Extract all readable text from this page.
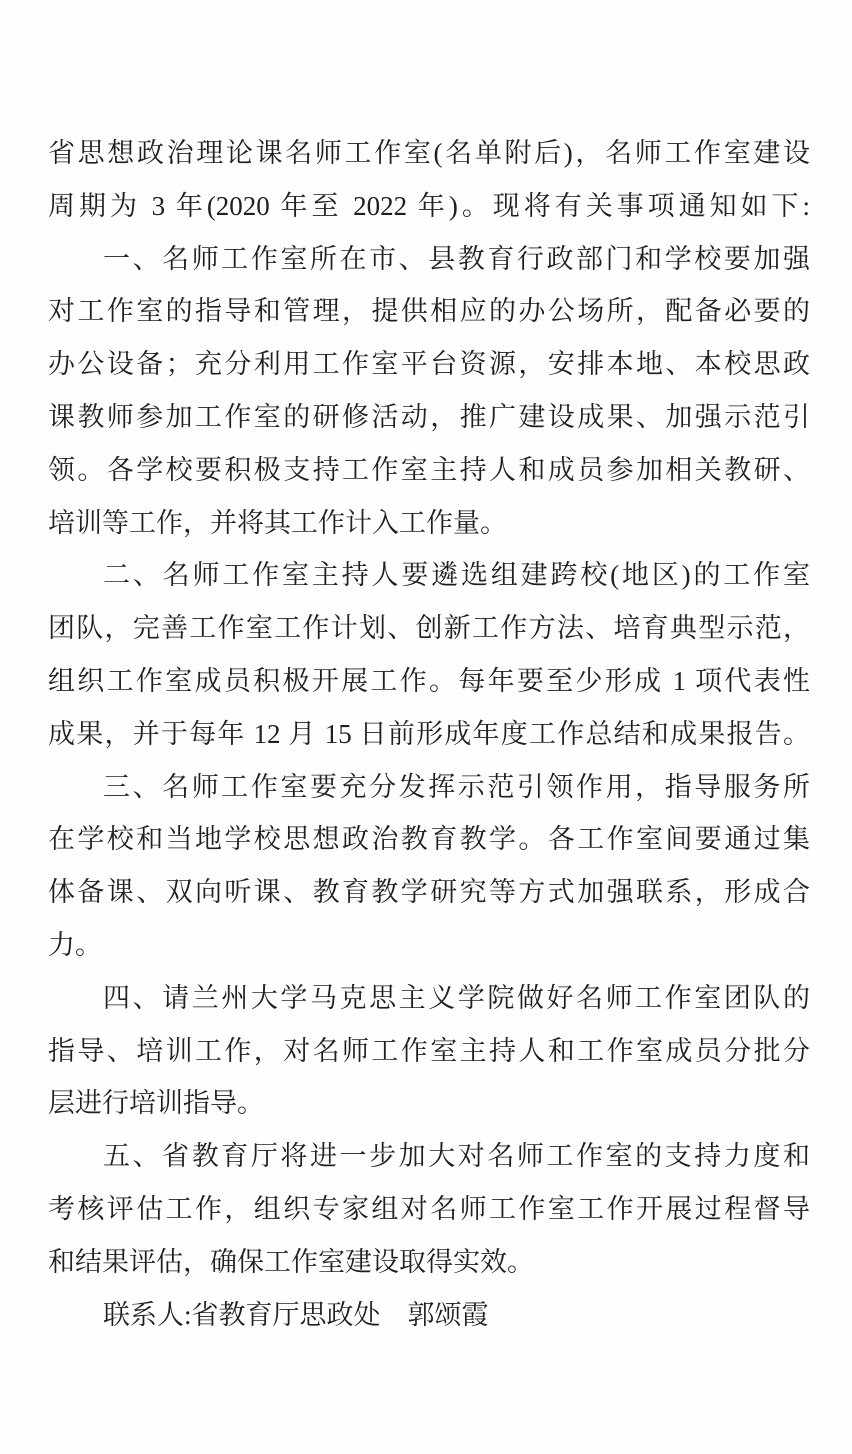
省思想政治理论课名师工作室(名单附后)，名师工作室建设
周期为 3 年(2020 年至 2022 年)。现将有关事项通知如下:
一、名师工作室所在市、县教育行政部门和学校要加强
对工作室的指导和管理，提供相应的办公场所，配备必要的
办公设备；充分利用工作室平台资源，安排本地、本校思政
课教师参加工作室的研修活动，推广建设成果、加强示范引
领。各学校要积极支持工作室主持人和成员参加相关教研、
培训等工作，并将其工作计入工作量。
二、名师工作室主持人要遴选组建跨校(地区)的工作室
团队，完善工作室工作计划、创新工作方法、培育典型示范，
组织工作室成员积极开展工作。每年要至少形成 1 项代表性
成果，并于每年 12 月 15 日前形成年度工作总结和成果报告。
三、名师工作室要充分发挥示范引领作用，指导服务所
在学校和当地学校思想政治教育教学。各工作室间要通过集
体备课、双向听课、教育教学研究等方式加强联系，形成合
力。
四、请兰州大学马克思主义学院做好名师工作室团队的
指导、培训工作，对名师工作室主持人和工作室成员分批分
层进行培训指导。
五、省教育厅将进一步加大对名师工作室的支持力度和
考核评估工作，组织专家组对名师工作室工作开展过程督导
和结果评估，确保工作室建设取得实效。
联系人:省教育厅思政处　郭颂霞
